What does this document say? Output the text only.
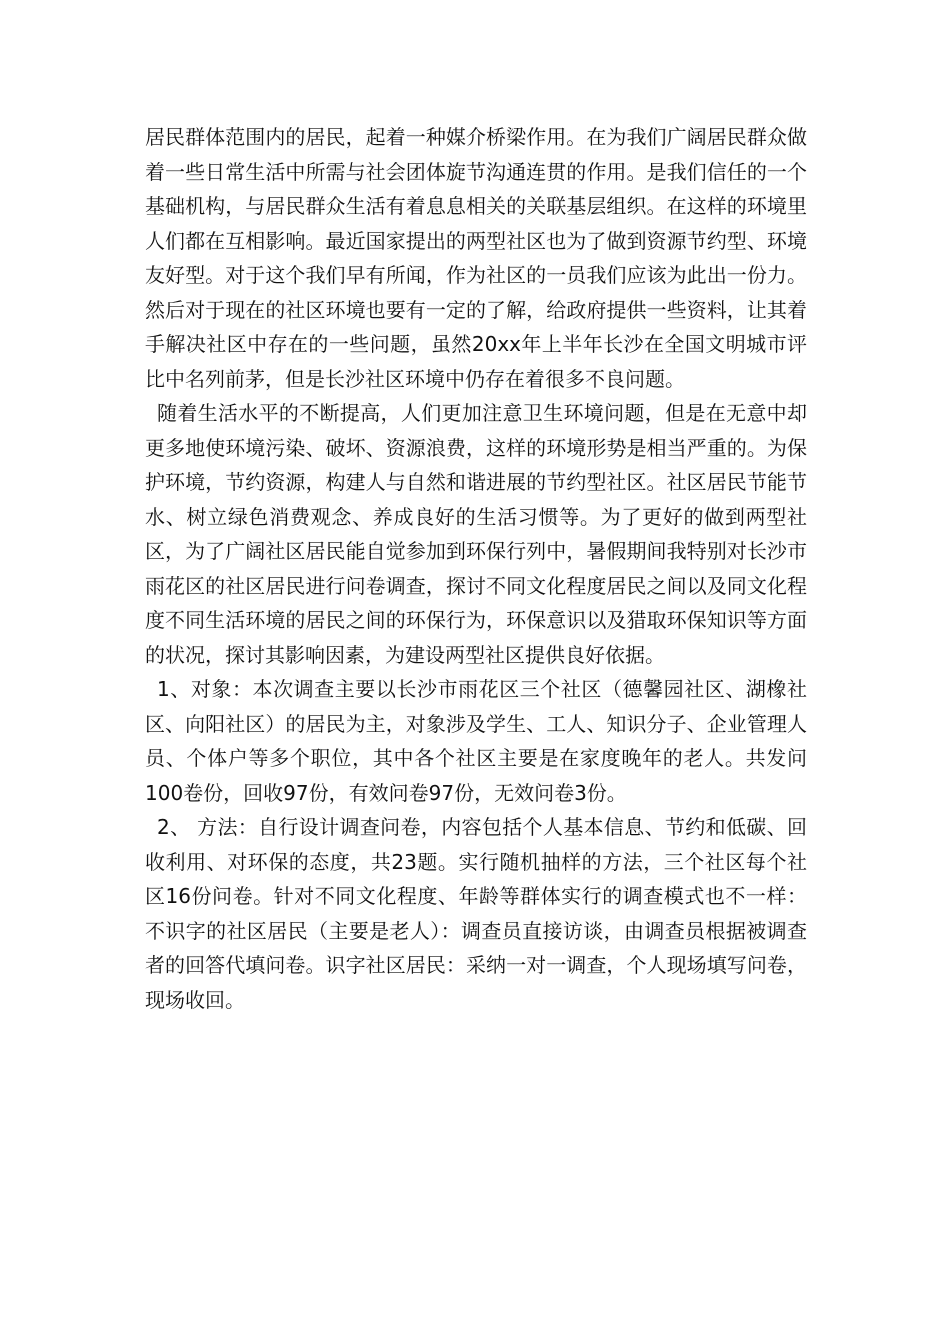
居民群体范围内的居民，起着一种媒介桥梁作用。在为我们广阔居民群众做着一些日常生活中所需与社会团体旋节沟通连贯的作用。是我们信任的一个基础机构，与居民群众生活有着息息相关的关联基层组织。在这样的环境里人们都在互相影响。最近国家提出的两型社区也为了做到资源节约型、环境友好型。对于这个我们早有所闻，作为社区的一员我们应该为此出一份力。然后对于现在的社区环境也要有一定的了解，给政府提供一些资料，让其着手解决社区中存在的一些问题，虽然20xx年上半年长沙在全国文明城市评比中名列前茅，但是长沙社区环境中仍存在着很多不良问题。

随着生活水平的不断提高，人们更加注意卫生环境问题，但是在无意中却更多地使环境污染、破坏、资源浪费，这样的环境形势是相当严重的。为保护环境，节约资源，构建人与自然和谐进展的节约型社区。社区居民节能节水、树立绿色消费观念、养成良好的生活习惯等。为了更好的做到两型社区，为了广阔社区居民能自觉参加到环保行列中，暑假期间我特别对长沙市雨花区的社区居民进行问卷调查，探讨不同文化程度居民之间以及同文化程度不同生活环境的居民之间的环保行为，环保意识以及猎取环保知识等方面的状况，探讨其影响因素，为建设两型社区提供良好依据。

1、对象：本次调查主要以长沙市雨花区三个社区（德馨园社区、湖橡社区、向阳社区）的居民为主，对象涉及学生、工人、知识分子、企业管理人员、个体户等多个职位，其中各个社区主要是在家度晚年的老人。共发问100卷份，回收97份，有效问卷97份，无效问卷3份。

2、 方法：自行设计调查问卷，内容包括个人基本信息、节约和低碳、回收利用、对环保的态度，共23题。实行随机抽样的方法，三个社区每个社区16份问卷。针对不同文化程度、年龄等群体实行的调查模式也不一样：不识字的社区居民（主要是老人）：调查员直接访谈，由调查员根据被调查者的回答代填问卷。识字社区居民：采纳一对一调查，个人现场填写问卷，现场收回。
